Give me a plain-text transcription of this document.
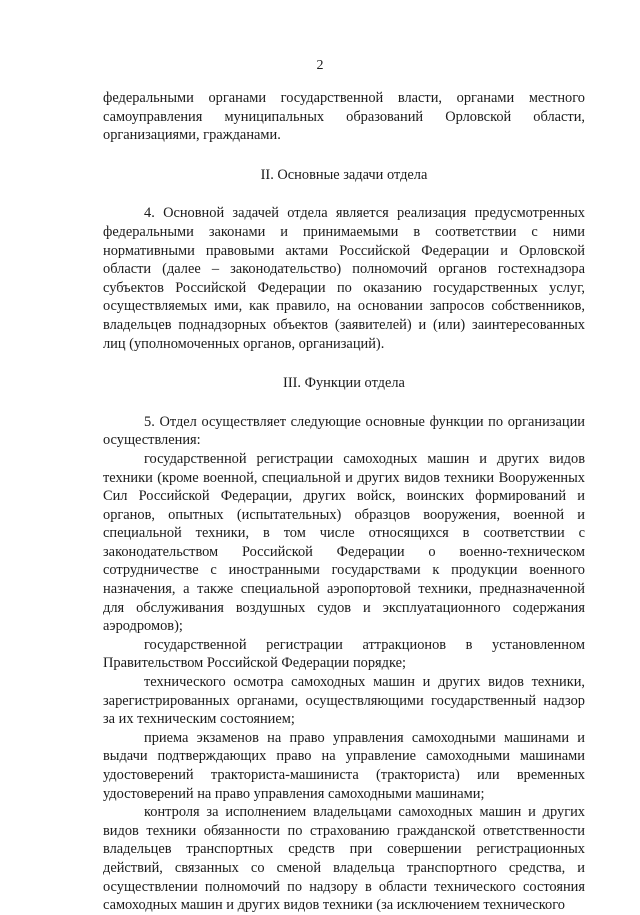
2

федеральными органами государственной власти, органами местного самоуправления муниципальных образований Орловской области, организациями, гражданами.

II. Основные задачи отдела

4. Основной задачей отдела является реализация предусмотренных федеральными законами и принимаемыми в соответствии с ними нормативными правовыми актами Российской Федерации и Орловской области (далее – законодательство) полномочий органов гостехнадзора субъектов Российской Федерации по оказанию государственных услуг, осуществляемых ими, как правило, на основании запросов собственников, владельцев поднадзорных объектов (заявителей) и (или) заинтересованных лиц (уполномоченных органов, организаций).

III. Функции отдела

5. Отдел осуществляет следующие основные функции по организации осуществления:

государственной регистрации самоходных машин и других видов техники (кроме военной, специальной и других видов техники Вооруженных Сил Российской Федерации, других войск, воинских формирований и органов, опытных (испытательных) образцов вооружения, военной и специальной техники, в том числе относящихся в соответствии с законодательством Российской Федерации о военно-техническом сотрудничестве с иностранными государствами к продукции военного назначения, а также специальной аэропортовой техники, предназначенной для обслуживания воздушных судов и эксплуатационного содержания аэродромов);

государственной регистрации аттракционов в установленном Правительством Российской Федерации порядке;

технического осмотра самоходных машин и других видов техники, зарегистрированных органами, осуществляющими государственный надзор за их техническим состоянием;

приема экзаменов на право управления самоходными машинами и выдачи подтверждающих право на управление самоходными машинами удостоверений тракториста-машиниста (тракториста) или временных удостоверений на право управления самоходными машинами;

контроля за исполнением владельцами самоходных машин и других видов техники обязанности по страхованию гражданской ответственности владельцев транспортных средств при совершении регистрационных действий, связанных со сменой владельца транспортного средства, и осуществлении полномочий по надзору в области технического состояния самоходных машин и других видов техники (за исключением технического
